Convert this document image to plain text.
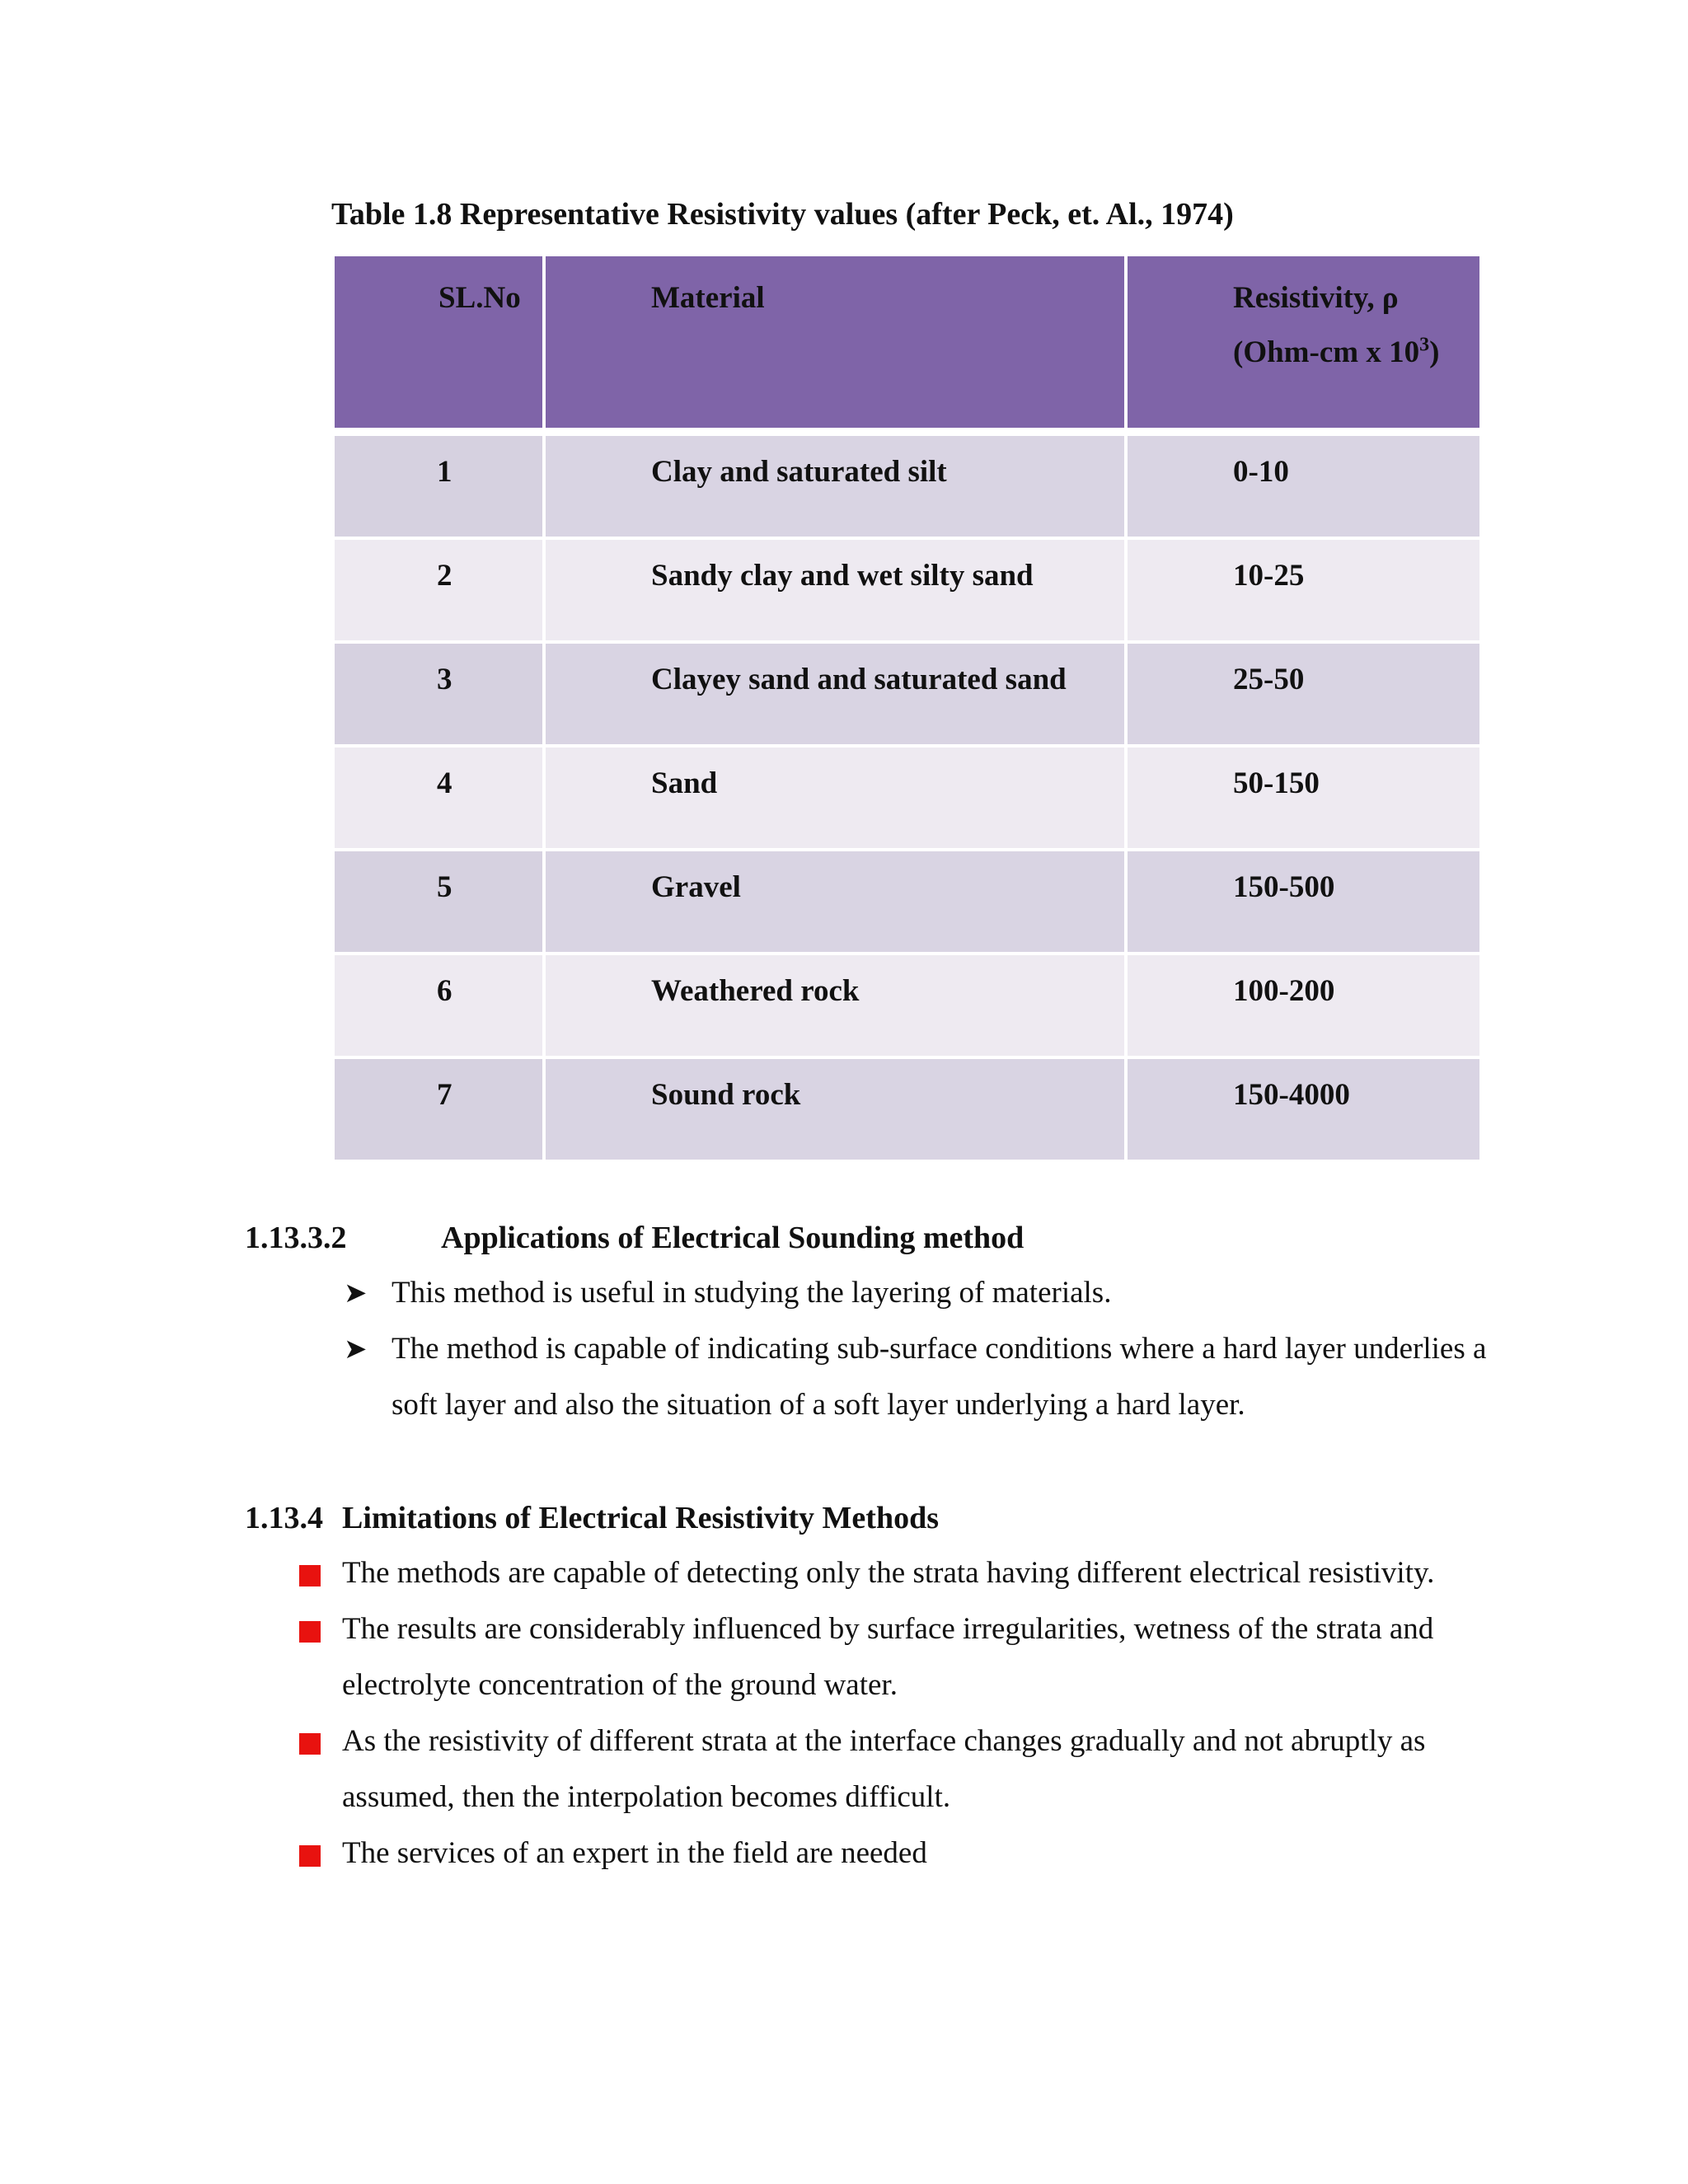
Table 1.8 Representative Resistivity values (after Peck, et. Al., 1974)
SL.No	Material	Resistivity, ρ
(Ohm-cm x $10^3$)
1	Clay and saturated silt	0-10
2	Sandy clay and wet silty sand	10-25
3	Clayey sand and saturated sand	25-50
4	Sand	50-150
5	Gravel	150-500
6	Weathered rock	100-200
7	Sound rock	150-4000
1.13.3.2	Applications of Electrical Sounding method
➤ This method is useful in studying the layering of materials.
➤ The method is capable of indicating sub-surface conditions where a hard layer underlies a soft layer and also the situation of a soft layer underlying a hard layer.
1.13.4 Limitations of Electrical Resistivity Methods
The methods are capable of detecting only the strata having different electrical resistivity.
The results are considerably influenced by surface irregularities, wetness of the strata and electrolyte concentration of the ground water.
As the resistivity of different strata at the interface changes gradually and not abruptly as assumed, then the interpolation becomes difficult.
The services of an expert in the field are needed
